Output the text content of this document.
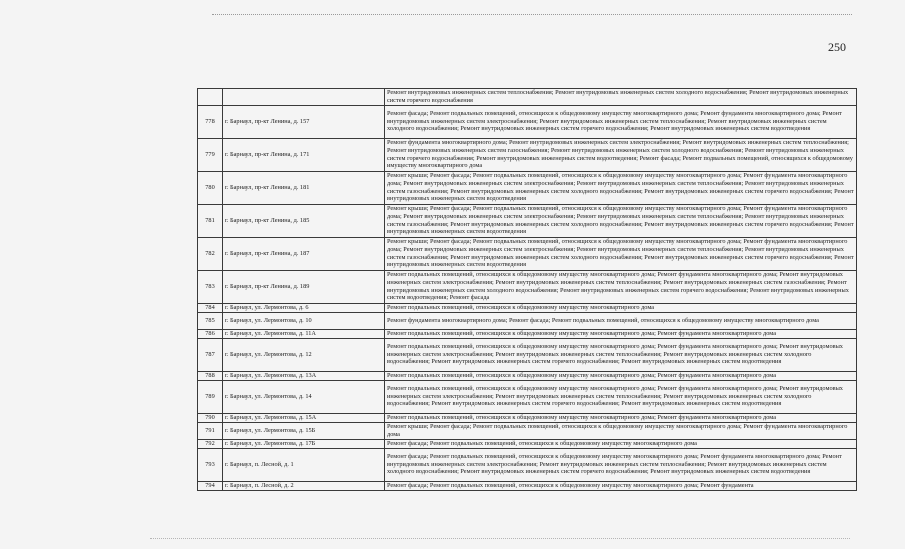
250
		Ремонт внутридомовых инженерных систем теплоснабжения; Ремонт внутридомовых инженерных систем холодного водоснабжения; Ремонт внутридомовых инженерных систем горячего водоснабжения
778	г. Барнаул, пр-кт Ленина, д. 157	Ремонт фасада; Ремонт подвальных помещений, относящихся к общедомовому имуществу многоквартирного дома; Ремонт фундамента многоквартирного дома; Ремонт внутридомовых инженерных систем электроснабжения; Ремонт внутридомовых инженерных систем теплоснабжения; Ремонт внутридомовых инженерных систем холодного водоснабжения; Ремонт внутридомовых инженерных систем горячего водоснабжения; Ремонт внутридомовых инженерных систем водоотведения
779	г. Барнаул, пр-кт Ленина, д. 171	Ремонт фундамента многоквартирного дома; Ремонт внутридомовых инженерных систем электроснабжения; Ремонт внутридомовых инженерных систем теплоснабжения; Ремонт внутридомовых инженерных систем газоснабжения; Ремонт внутридомовых инженерных систем холодного водоснабжения; Ремонт внутридомовых инженерных систем горячего водоснабжения; Ремонт внутридомовых инженерных систем водоотведения; Ремонт фасада; Ремонт подвальных помещений, относящихся к общедомовому имуществу многоквартирного дома
780	г. Барнаул, пр-кт Ленина, д. 181	Ремонт крыши; Ремонт фасада; Ремонт подвальных помещений, относящихся к общедомовому имуществу многоквартирного дома; Ремонт фундамента многоквартирного дома; Ремонт внутридомовых инженерных систем электроснабжения; Ремонт внутридомовых инженерных систем теплоснабжения; Ремонт внутридомовых инженерных систем газоснабжения; Ремонт внутридомовых инженерных систем холодного водоснабжения; Ремонт внутридомовых инженерных систем горячего водоснабжения; Ремонт внутридомовых инженерных систем водоотведения
781	г. Барнаул, пр-кт Ленина, д. 185	Ремонт крыши; Ремонт фасада; Ремонт подвальных помещений, относящихся к общедомовому имуществу многоквартирного дома; Ремонт фундамента многоквартирного дома; Ремонт внутридомовых инженерных систем электроснабжения; Ремонт внутридомовых инженерных систем теплоснабжения; Ремонт внутридомовых инженерных систем газоснабжения; Ремонт внутридомовых инженерных систем холодного водоснабжения; Ремонт внутридомовых инженерных систем горячего водоснабжения; Ремонт внутридомовых инженерных систем водоотведения
782	г. Барнаул, пр-кт Ленина, д. 187	Ремонт крыши; Ремонт фасада; Ремонт подвальных помещений, относящихся к общедомовому имуществу многоквартирного дома; Ремонт фундамента многоквартирного дома; Ремонт внутридомовых инженерных систем электроснабжения; Ремонт внутридомовых инженерных систем теплоснабжения; Ремонт внутридомовых инженерных систем газоснабжения; Ремонт внутридомовых инженерных систем холодного водоснабжения; Ремонт внутридомовых инженерных систем горячего водоснабжения; Ремонт внутридомовых инженерных систем водоотведения
783	г. Барнаул, пр-кт Ленина, д. 189	Ремонт подвальных помещений, относящихся к общедомовому имуществу многоквартирного дома; Ремонт фундамента многоквартирного дома; Ремонт внутридомовых инженерных систем электроснабжения; Ремонт внутридомовых инженерных систем теплоснабжения; Ремонт внутридомовых инженерных систем газоснабжения; Ремонт внутридомовых инженерных систем холодного водоснабжения; Ремонт внутридомовых инженерных систем горячего водоснабжения; Ремонт внутридомовых инженерных систем водоотведения; Ремонт фасада
784	г. Барнаул, ул. Лермонтова, д. 6	Ремонт подвальных помещений, относящихся к общедомовому имуществу многоквартирного дома
785	г. Барнаул, ул. Лермонтова, д. 10	Ремонт фундамента многоквартирного дома; Ремонт фасада; Ремонт подвальных помещений, относящихся к общедомовому имуществу многоквартирного дома
786	г. Барнаул, ул. Лермонтова, д. 11А	Ремонт подвальных помещений, относящихся к общедомовому имуществу многоквартирного дома; Ремонт фундамента многоквартирного дома
787	г. Барнаул, ул. Лермонтова, д. 12	Ремонт подвальных помещений, относящихся к общедомовому имуществу многоквартирного дома; Ремонт фундамента многоквартирного дома; Ремонт внутридомовых инженерных систем электроснабжения; Ремонт внутридомовых инженерных систем теплоснабжения; Ремонт внутридомовых инженерных систем холодного водоснабжения; Ремонт внутридомовых инженерных систем горячего водоснабжения; Ремонт внутридомовых инженерных систем водоотведения
788	г. Барнаул, ул. Лермонтова, д. 13А	Ремонт подвальных помещений, относящихся к общедомовому имуществу многоквартирного дома; Ремонт фундамента многоквартирного дома
789	г. Барнаул, ул. Лермонтова, д. 14	Ремонт подвальных помещений, относящихся к общедомовому имуществу многоквартирного дома; Ремонт фундамента многоквартирного дома; Ремонт внутридомовых инженерных систем электроснабжения; Ремонт внутридомовых инженерных систем теплоснабжения; Ремонт внутридомовых инженерных систем холодного водоснабжения; Ремонт внутридомовых инженерных систем горячего водоснабжения; Ремонт внутридомовых инженерных систем водоотведения
790	г. Барнаул, ул. Лермонтова, д. 15А	Ремонт подвальных помещений, относящихся к общедомовому имуществу многоквартирного дома; Ремонт фундамента многоквартирного дома
791	г. Барнаул, ул. Лермонтова, д. 15Б	Ремонт крыши; Ремонт фасада; Ремонт подвальных помещений, относящихся к общедомовому имуществу многоквартирного дома; Ремонт фундамента многоквартирного дома
792	г. Барнаул, ул. Лермонтова, д. 17Б	Ремонт фасада; Ремонт подвальных помещений, относящихся к общедомовому имуществу многоквартирного дома
793	г. Барнаул, п. Лесной, д. 1	Ремонт фасада; Ремонт подвальных помещений, относящихся к общедомовому имуществу многоквартирного дома; Ремонт фундамента многоквартирного дома; Ремонт внутридомовых инженерных систем электроснабжения; Ремонт внутридомовых инженерных систем теплоснабжения; Ремонт внутридомовых инженерных систем холодного водоснабжения; Ремонт внутридомовых инженерных систем горячего водоснабжения; Ремонт внутридомовых инженерных систем водоотведения
794	г. Барнаул, п. Лесной, д. 2	Ремонт фасада; Ремонт подвальных помещений, относящихся к общедомовому имуществу многоквартирного дома; Ремонт фундамента
